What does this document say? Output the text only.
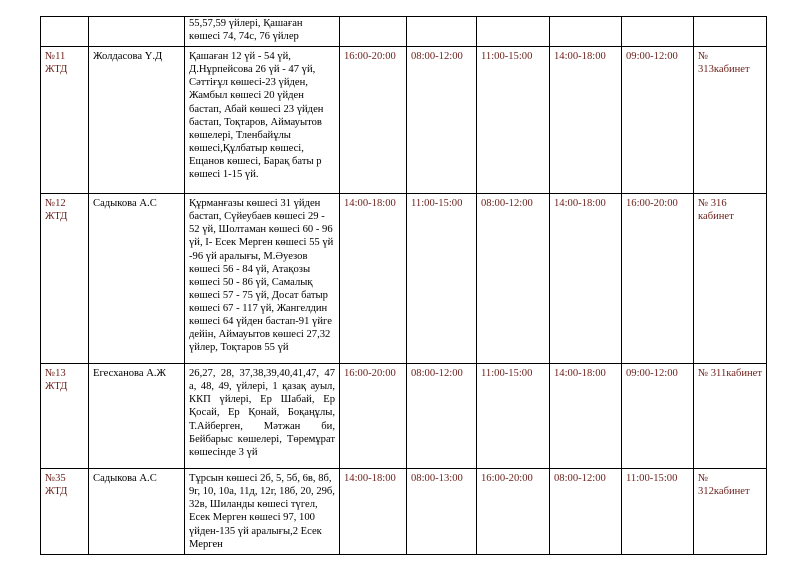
		55,57,59 үйлері, Қашаған көшесі 74, 74с, 76 үйлер						
№11 ЖТД	Жолдасова Ү.Д	Қашаған 12 үй - 54 үй, Д.Нұрпейсова 26 үй - 47 үй, Сәттіғұл көшесі-23 үйден, Жамбыл көшесі 20 үйден бастап, Абай көшесі 23 үйден бастап, Тоқтаров, Аймауытов көшелері, Тленбайұлы көшесі,Құлбатыр көшесі, Ещанов көшесі, Барақ баты р көшесі 1-15 үй.	16:00-20:00	08:00-12:00	11:00-15:00	14:00-18:00	09:00-12:00	№ 313кабинет
№12 ЖТД	Садыкова А.С	Құрманғазы көшесі 31 үйден бастап, Сүйеубаев көшесі 29 - 52 үй, Шолтаман көшесі 60 - 96 үй, І- Есек Мерген көшесі 55 үй -96 үй аралығы, М.Әуезов көшесі 56 - 84 үй, Атақозы көшесі 50 - 86 үй, Самалық көшесі 57 - 75 үй, Досат батыр көшесі 67 - 117 үй, Жангелдин көшесі 64 үйден бастап-91 үйге дейін, Аймауытов көшесі 27,32 үйлер, Тоқтаров 55 үй	14:00-18:00	11:00-15:00	08:00-12:00	14:00-18:00	16:00-20:00	№ 316 кабинет
№13 ЖТД	Егесханова А.Ж	26,27, 28, 37,38,39,40,41,47, 47 а, 48, 49, үйлері, 1 қазақ ауыл, ККП үйлері, Ер Шабай, Ер Қосай, Ер Қонай, Боқаңұлы, Т.Айберген, Мәтжан би, Бейбарыс көшелері, Төремұрат көшесінде 3 үй	16:00-20:00	08:00-12:00	11:00-15:00	14:00-18:00	09:00-12:00	№ 311кабинет
№35 ЖТД	Садыкова А.С	Тұрсын көшесі 2б, 5, 5б, 6в, 8б, 9г, 10, 10а, 11д, 12г, 18б, 20, 29б, 32в, Шиланды көшесі түгел, Есек Мерген көшесі 97, 100 үйден-135 үй аралығы,2 Есек Мерген	14:00-18:00	08:00-13:00	16:00-20:00	08:00-12:00	11:00-15:00	№ 312кабинет
